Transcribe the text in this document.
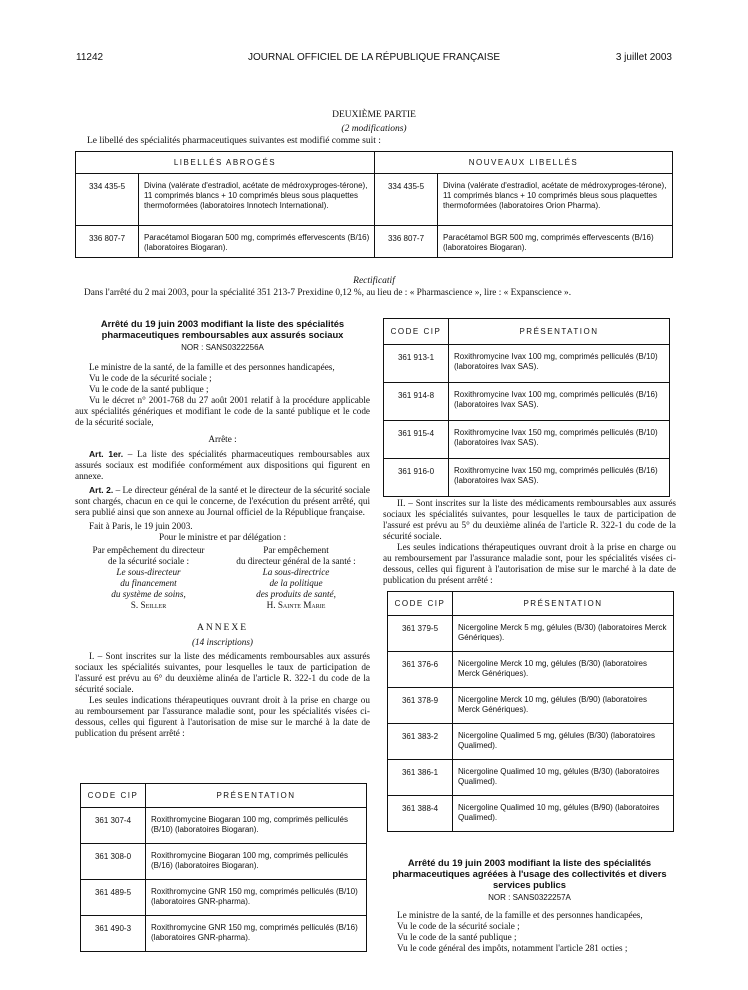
11242	JOURNAL OFFICIEL DE LA RÉPUBLIQUE FRANÇAISE	3 juillet 2003
DEUXIÈME PARTIE
(2 modifications)
Le libellé des spécialités pharmaceutiques suivantes est modifié comme suit :
LIBELLÉS ABROGÉS		NOUVEAUX LIBELLÉS	
334 435-5	Divina (valérate d'estradiol, acétate de médroxyproges-térone), 11 comprimés blancs + 10 comprimés bleus sous plaquettes thermoformées (laboratoires Innotech International).	334 435-5	Divina (valérate d'estradiol, acétate de médroxyproges-térone), 11 comprimés blancs + 10 comprimés bleus sous plaquettes thermoformées (laboratoires Orion Pharma).
336 807-7	Paracétamol Biogaran 500 mg, comprimés effervescents (B/16) (laboratoires Biogaran).	336 807-7	Paracétamol BGR 500 mg, comprimés effervescents (B/16) (laboratoires Biogaran).
Rectificatif
Dans l'arrêté du 2 mai 2003, pour la spécialité 351 213-7 Prexidine 0,12 %, au lieu de : « Pharmascience », lire : « Expanscience ».
Arrêté du 19 juin 2003 modifiant la liste des spécialités pharmaceutiques remboursables aux assurés sociaux
NOR : SANS0322256A

Le ministre de la santé, de la famille et des personnes handicapées,

Vu le code de la sécurité sociale ;

Vu le code de la santé publique ;

Vu le décret n° 2001-768 du 27 août 2001 relatif à la procédure applicable aux spécialités génériques et modifiant le code de la santé publique et le code de la sécurité sociale,

Arrête :

Art. 1er. – La liste des spécialités pharmaceutiques remboursables aux assurés sociaux est modifiée conformément aux dispositions qui figurent en annexe.

Art. 2. – Le directeur général de la santé et le directeur de la sécurité sociale sont chargés, chacun en ce qui le concerne, de l'exécution du présent arrêté, qui sera publié ainsi que son annexe au Journal officiel de la République française.

Fait à Paris, le 19 juin 2003.

Pour le ministre et par délégation :

Par empêchement du directeur
de la sécurité sociale :
Le sous-directeur
du financement
du système de soins,
S. Seiller
Par empêchement
du directeur général de la santé :
La sous-directrice
de la politique
des produits de santé,
H. Sainte Marie
ANNEXE
(14 inscriptions)

I. – Sont inscrites sur la liste des médicaments remboursables aux assurés sociaux les spécialités suivantes, pour lesquelles le taux de participation de l'assuré est prévu au 6° du deuxième alinéa de l'article R. 322-1 du code de la sécurité sociale.

Les seules indications thérapeutiques ouvrant droit à la prise en charge ou au remboursement par l'assurance maladie sont, pour les spécialités visées ci-dessous, celles qui figurent à l'autorisation de mise sur le marché à la date de publication du présent arrêté :

CODE CIP	PRÉSENTATION
361 307-4	Roxithromycine Biogaran 100 mg, comprimés pelliculés (B/10) (laboratoires Biogaran).
361 308-0	Roxithromycine Biogaran 100 mg, comprimés pelliculés (B/16) (laboratoires Biogaran).
361 489-5	Roxithromycine GNR 150 mg, comprimés pelliculés (B/10) (laboratoires GNR-pharma).
361 490-3	Roxithromycine GNR 150 mg, comprimés pelliculés (B/16) (laboratoires GNR-pharma).
CODE CIP	PRÉSENTATION
361 913-1	Roxithromycine Ivax 100 mg, comprimés pelliculés (B/10) (laboratoires Ivax SAS).
361 914-8	Roxithromycine Ivax 100 mg, comprimés pelliculés (B/16) (laboratoires Ivax SAS).
361 915-4	Roxithromycine Ivax 150 mg, comprimés pelliculés (B/10) (laboratoires Ivax SAS).
361 916-0	Roxithromycine Ivax 150 mg, comprimés pelliculés (B/16) (laboratoires Ivax SAS).

II. – Sont inscrites sur la liste des médicaments remboursables aux assurés sociaux les spécialités suivantes, pour lesquelles le taux de participation de l'assuré est prévu au 5° du deuxième alinéa de l'article R. 322-1 du code de la sécurité sociale.

Les seules indications thérapeutiques ouvrant droit à la prise en charge ou au remboursement par l'assurance maladie sont, pour les spécialités visées ci-dessous, celles qui figurent à l'autorisation de mise sur le marché à la date de publication du présent arrêté :

CODE CIP	PRÉSENTATION
361 379-5	Nicergoline Merck 5 mg, gélules (B/30) (laboratoires Merck Génériques).
361 376-6	Nicergoline Merck 10 mg, gélules (B/30) (laboratoires Merck Génériques).
361 378-9	Nicergoline Merck 10 mg, gélules (B/90) (laboratoires Merck Génériques).
361 383-2	Nicergoline Qualimed 5 mg, gélules (B/30) (laboratoires Qualimed).
361 386-1	Nicergoline Qualimed 10 mg, gélules (B/30) (laboratoires Qualimed).
361 388-4	Nicergoline Qualimed 10 mg, gélules (B/90) (laboratoires Qualimed).
Arrêté du 19 juin 2003 modifiant la liste des spécialités pharmaceutiques agréées à l'usage des collectivités et divers services publics
NOR : SANS0322257A

Le ministre de la santé, de la famille et des personnes handicapées,

Vu le code de la sécurité sociale ;

Vu le code de la santé publique ;

Vu le code général des impôts, notamment l'article 281 octies ;
